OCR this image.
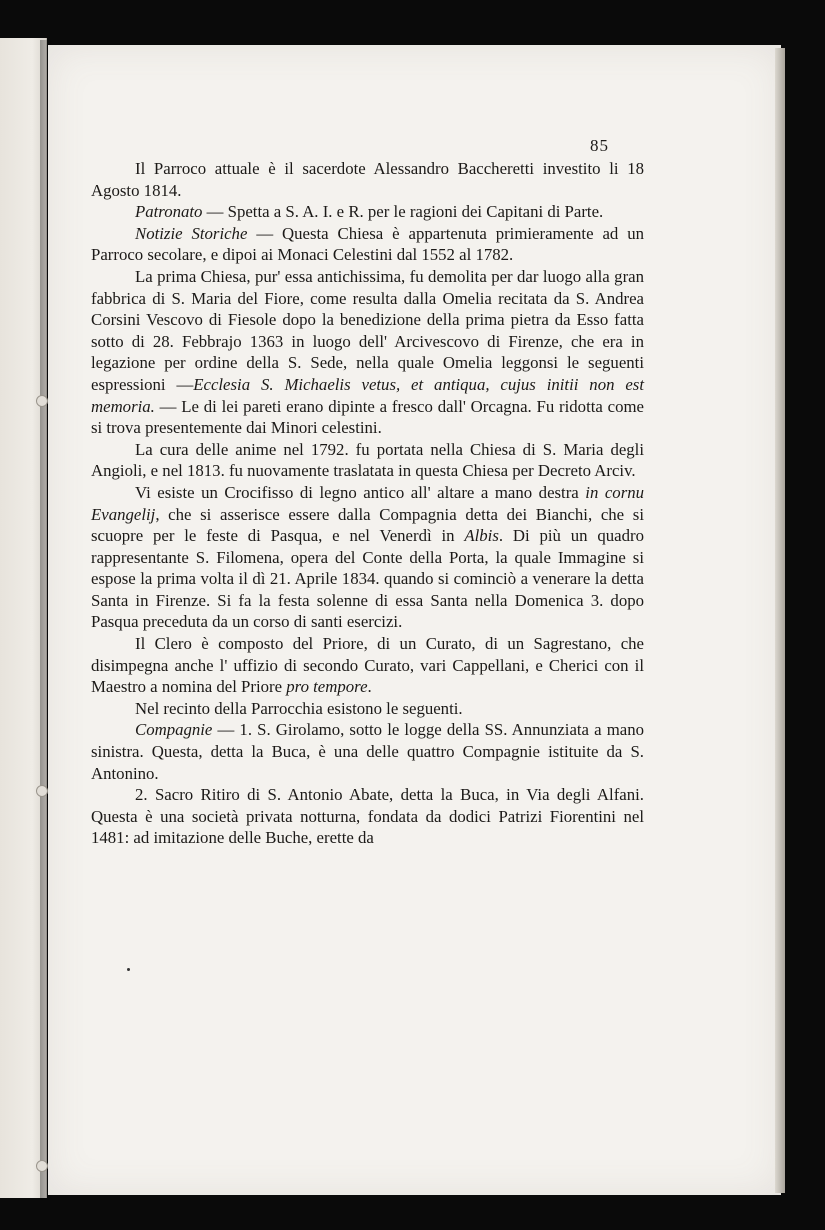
85

Il Parroco attuale è il sacerdote Alessandro Baccheretti investito li 18 Agosto 1814.

Patronato — Spetta a S. A. I. e R. per le ragioni dei Capitani di Parte.

Notizie Storiche — Questa Chiesa è appartenuta primieramente ad un Parroco secolare, e dipoi ai Monaci Celestini dal 1552 al 1782.

La prima Chiesa, pur' essa antichissima, fu demolita per dar luogo alla gran fabbrica di S. Maria del Fiore, come resulta dalla Omelia recitata da S. Andrea Corsini Vescovo di Fiesole dopo la benedizione della prima pietra da Esso fatta sotto di 28. Febbrajo 1363 in luogo dell' Arcivescovo di Firenze, che era in legazione per ordine della S. Sede, nella quale Omelia leggonsi le seguenti espressioni —Ecclesia S. Michaelis vetus, et antiqua, cujus initii non est memoria. — Le di lei pareti erano dipinte a fresco dall' Orcagna. Fu ridotta come si trova presentemente dai Minori celestini.

La cura delle anime nel 1792. fu portata nella Chiesa di S. Maria degli Angioli, e nel 1813. fu nuovamente traslatata in questa Chiesa per Decreto Arciv.

Vi esiste un Crocifisso di legno antico all' altare a mano destra in cornu Evangelij, che si asserisce essere dalla Compagnia detta dei Bianchi, che si scuopre per le feste di Pasqua, e nel Venerdì in Albis. Di più un quadro rappresentante S. Filomena, opera del Conte della Porta, la quale Immagine si espose la prima volta il dì 21. Aprile 1834. quando si cominciò a venerare la detta Santa in Firenze. Si fa la festa solenne di essa Santa nella Domenica 3. dopo Pasqua preceduta da un corso di santi esercizi.

Il Clero è composto del Priore, di un Curato, di un Sagrestano, che disimpegna anche l' uffizio di secondo Curato, vari Cappellani, e Cherici con il Maestro a nomina del Priore pro tempore.

Nel recinto della Parrocchia esistono le seguenti.

Compagnie — 1. S. Girolamo, sotto le logge della SS. Annunziata a mano sinistra. Questa, detta la Buca, è una delle quattro Compagnie istituite da S. Antonino.

2. Sacro Ritiro di S. Antonio Abate, detta la Buca, in Via degli Alfani. Questa è una società privata notturna, fondata da dodici Patrizi Fiorentini nel 1481: ad imitazione delle Buche, erette da
